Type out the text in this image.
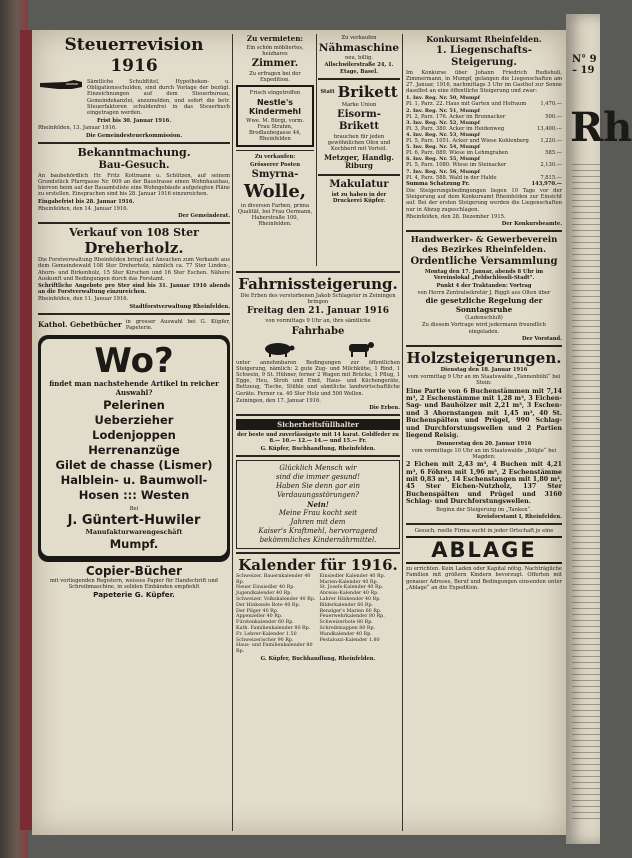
N° 9 – 19
Rh
Steuerrevision 1916
Sämtliche Schuldtitel, Hypotheken- u. Obligationsschulden, sind durch Vorlage der bezügl. Einzeichnungen auf dem Steuerbureau, Gemeindekanzlei, anzumelden, und sofort die betr. Steuerfaktoren schuldenfrei in das Steuerbuch eingetragen werden.
Frist bis 30. Januar 1916.
Rheinfelden, 13. Januar 1916.
Die Gemeindesteuerkommission.
Bekanntmachung.
Bau-Gesuch.
An baubehördlich Hr. Fritz Kottmann u. Schützen, auf seinem Grundstück Pfarrgasse Nr. 609 an der Baustrasse einen Wohnhausbau, hiervon beim auf der Bauamtsliste eine Wohngebäude aufgelegten Pläne zu erstellen. Einsprachen sind bis 28. Januar 1916 einzureichen.
Eingabefrist bis 28. Januar 1916.
Rheinfelden, den 14. Januar 1916.
Der Gemeinderat.
Verkauf von 108 Ster
Dreherholz.
Die Forstverwaltung Rheinfelden bringt auf Ansuchen zum Verkaufe aus dem Gemeindewald 108 Ster Dreherholz, nämlich ca. 77 Ster Linden-, Ahorn- und Birkenholz, 15 Ster Kirschen und 16 Ster Eschen. Nähere Auskunft und Bedingungen durch das Forstamt.
Schriftliche Angebote pro Ster sind bis 31. Januar 1916 abends an die Forstverwaltung einzureichen.
Rheinfelden, den 11. Januar 1916.
Stadtforstverwaltung Rheinfelden.
Kathol. Gebetbücher in grosser Auswahl bei G. Küpfer, Papeterie.
Wo?
findet man nachstehende Artikel in reicher Auswahl?
Pelerinen
Ueberzieher
Lodenjoppen
Herrenanzüge
Gilet de chasse (Lismer)
Halblein- u. Baumwoll-
Hosen ::: Westen
Bei
J. Güntert-Huwiler
Manufakturwarengeschäft
Mumpf.
Copier-Bücher
mit vorliegenden Registern, weisses Papier für Handschrift und Schreibmaschine, in soliden Einbänden empfiehlt
Papeterie G. Küpfer.
Zu vermieten:
Ein schön möbliertes, heizbares
Zimmer.
Zu erfragen bei der Expedition.
Frisch eingetroffen
Nestle's Kindermehl
Wwe. M. Bürgi, vorm. Frau Strahm, Brodlaubegasse 44, Rheinfelden
Zu verkaufen:
Grösserer Posten
Smyrna-
Wolle,
in diversen Farben, prima Qualität, bei Frau Oermann, Haberstraße 100, Rheinfelden.
Zu verkaufen
Nähmaschine
neu, billig.
Allschwilerstraße 24, 1. Etage, Basel.
Statt Brikett
Marke Union
Eisorm-Brikett
brauchen für jeden gewöhnlichen Ofen und Kochherd mit Vorteil.
Metzger, Handlg. Riburg
Makulatur
ist zu haben in der Druckerei Küpfer.
Fahrnissteigerung.
Die Erben des verstorbenen Jakob Schlageter in Zeiningen bringen
Freitag den 21. Januar 1916
von vormittags 9 Uhr an, ihre sämtliche
Fahrhabe
unter annehmbaren Bedingungen zur öffentlichen Steigerung, nämlich: 2 gute Zug- und Milchkühe, 1 Rind, 1 Schwein, 9 St. Hühner, ferner 2 Wagen mit Brücke, 1 Pflug, 1 Egge, Heu, Stroh und Emd, Haus- und Küchengeräte, Bettzeug, Tische, Stühle und sämtliche landwirtschaftliche Geräte. Ferner ca. 40 Ster Holz und 500 Wellen.
Zeiningen, den 17. Januar 1916.
Die Erben.
Sicherheitsfüllhalter
der beste und zuverlässigste mit 14 karat. Goldfeder zu 8.— 10.— 12.— 14.— und 15.— Fr.
G. Küpfer, Buchhandlung, Rheinfelden.
Glücklich Mensch wir
sind die immer gesund!
Haben Sie denn gar ein
Verdauungsstörungen?
Nein!
Meine Frau kocht seit
Jahren mit dem
Kaiser's Kraftmehl, hervorragend
bekömmliches Kindernährmittel.
Kalender für 1916.
Schweizer. Bauernkalender 40 Rp.
Neuer Einsiedler 40 Rp.
Jugendkalender 40 Rp.
Schweizer. Volkskalender 40 Rp.
Der Hinkende Bote 40 Rp.
Der Pilger 40 Rp.
Appenzeller 40 Rp.
Fürstenkalender 60 Rp.
Kath. Familienkalender 80 Rp.
Fr. Lehrer-Kalender 1.50
Schweizerischer 90 Rp.
Haus- und Familienkalender 80 Rp.
Einsiedler Kalender 40 Rp.
Marien-Kalender 40 Rp.
St. Josefs-Kalender 40 Rp.
Abreiss-Kalender 40 Rp.
Lahrer Hinkender 40 Rp.
Bilderkalender 60 Rp.
Benziger's Marien 60 Rp.
Feuerwehrkalender 80 Rp.
Schweizerbote 80 Rp.
Schreibmappen 80 Rp.
Wandkalender 40 Rp.
Pestalozzi-Kalender 1.80
G. Küpfer, Buchhandlung, Rheinfelden.
Konkursamt Rheinfelden.
1. Liegenschafts-Steigerung.
Im Konkurse über Johann Friedrich Rudishuli, Zimmermann, in Mumpf, gelangen die Liegenschaften am 27. Januar, 1916, nachmittags 3 Uhr im Gasthof zur Sonne daselbst an eine öffentliche Steigerung und zwar:
1. Inv. Reg. Nr. 50, Mumpf
Pl. 1, Parz. 22. Haus mit Garten und Hofraum	1,470.—
2. Inv. Reg. Nr. 51, Mumpf
Pl. 2, Parz. 176. Acker im Brunnacker	500.—
3. Inv. Reg. Nr. 52, Mumpf
Pl. 3, Parz. 380. Acker im Heidenweg	13,400.—
4. Inv. Reg. Nr. 53, Mumpf
Pl. 5, Parz. 1051. Acker und Wiese Kohlenberg 1,220.—
5. Inv. Reg. Nr. 54, Mumpf
Pl. 6, Parz. 889. Wiese im Lehmgraben	585.—
6. Inv. Reg. Nr. 55, Mumpf
Pl. 5, Parz. 1080. Wiese im Steinacker	2,130.—
7. Inv. Reg. Nr. 56, Mumpf
Pl. 4, Parz. 588. Wald in der Halde	7,815.—
Summa Schatzung Fr.	143,970.—
Die Steigerungsbedingungen liegen 10 Tage vor der Steigerung auf dem Konkursamt Rheinfelden zur Einsicht auf. Bei der ersten Steigerung werden die Liegenschaften nur in Abzug zugeschlagen.
Rheinfelden, den 28. Dezember 1915.
Der Konkursbeamte.
Handwerker- & Gewerbeverein des Bezirkes Rheinfelden.
Ordentliche Versammlung
Montag den 17. Januar, abends 8 Uhr im Vereinslokal „Feldschlössli-Stadt“.
Punkt 4 der Traktanden: Vortrag
von Herrn Zentralsekretär J. Riggli aus Olten über
die gesetzliche Regelung der Sonntagsruhe
(Ladenschluß)
Zu diesem Vortrage wird jedermann freundlich eingeladen.
Der Vorstand.
Holzsteigerungen.
Dienstag den 18. Januar 1916
vom vormittag 9 Uhr an im Staatswalde „Tannenbühl“ bei Stein:
Eine Partie von 6 Buchenstämmen mit 7,14 m³, 2 Eschenstämme mit 1,28 m³, 3 Eichen-Sag- und Bauhölzer mit 2,21 m³, 3 Eschen- und 3 Ahornstangen mit 1,45 m³, 40 St. Buchenspälten und Prügel, 990 Schlag- und Durchforstungswellen und 2 Partien liegend Reisig.
Donnerstag den 20. Januar 1916
vom vormittags 10 Uhr an im Staatswalde „Bölgle“ bei Magden:
2 Eichen mit 2,43 m³, 4 Buchen mit 4,21 m³, 6 Föhren mit 1,96 m³, 2 Eschenstämme mit 0,83 m³, 14 Eschenstangen mit 1,80 m³, 45 Ster Eichen-Nutzholz, 137 Ster Buchenspälten und Prügel und 3160 Schlag- und Durchforstungswellen.
Beginn der Steigerung im „Tanken“.
Kreisforstamt I, Rheinfelden.
Gesuch, reelle Firma sucht in jeder Ortschaft je eine
ABLAGE
zu errichten. Kein Laden oder Kapital nötig. Nachträgliche Familien mit größern Kindern bevorzugt. Offerten mit genauer Adresse, Beruf und Bedingungen einsenden unter „Ablage“ an die Expedition.
